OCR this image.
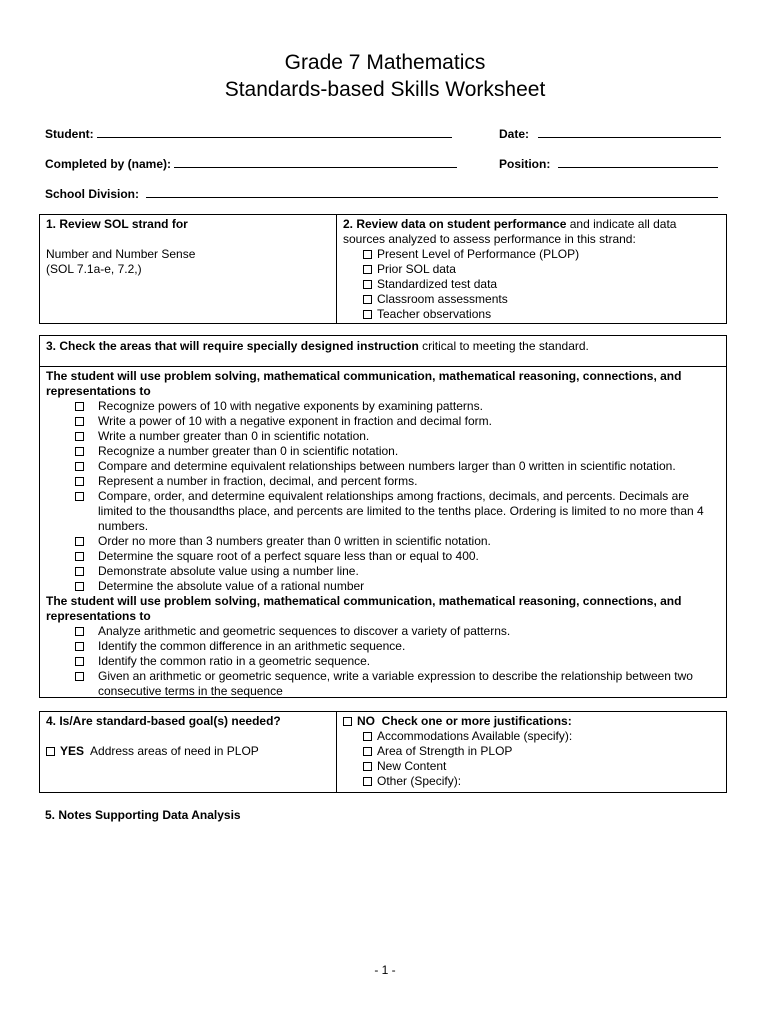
Grade 7 Mathematics
Standards-based Skills Worksheet
Student:	Date:
Completed by (name):	Position:
School Division:
1. Review SOL strand for
Number and Number Sense
(SOL 7.1a-e, 7.2,)
2. Review data on student performance and indicate all data sources analyzed to assess performance in this strand:
Present Level of Performance (PLOP)
Prior SOL data
Standardized test data
Classroom assessments
Teacher observations
3. Check the areas that will require specially designed instruction critical to meeting the standard.
The student will use problem solving, mathematical communication, mathematical reasoning, connections, and representations to
Recognize powers of 10 with negative exponents by examining patterns.
Write a power of 10 with a negative exponent in fraction and decimal form.
Write a number greater than 0 in scientific notation.
Recognize a number greater than 0 in scientific notation.
Compare and determine equivalent relationships between numbers larger than 0 written in scientific notation.
Represent a number in fraction, decimal, and percent forms.
Compare, order, and determine equivalent relationships among fractions, decimals, and percents. Decimals are limited to the thousandths place, and percents are limited to the tenths place. Ordering is limited to no more than 4 numbers.
Order no more than 3 numbers greater than 0 written in scientific notation.
Determine the square root of a perfect square less than or equal to 400.
Demonstrate absolute value using a number line.
Determine the absolute value of a rational number
The student will use problem solving, mathematical communication, mathematical reasoning, connections, and representations to
Analyze arithmetic and geometric sequences to discover a variety of patterns.
Identify the common difference in an arithmetic sequence.
Identify the common ratio in a geometric sequence.
Given an arithmetic or geometric sequence, write a variable expression to describe the relationship between two consecutive terms in the sequence
4. Is/Are standard-based goal(s) needed?
YES Address areas of need in PLOP
NO Check one or more justifications:
Accommodations Available (specify):
Area of Strength in PLOP
New Content
Other (Specify):
5. Notes Supporting Data Analysis
- 1 -
